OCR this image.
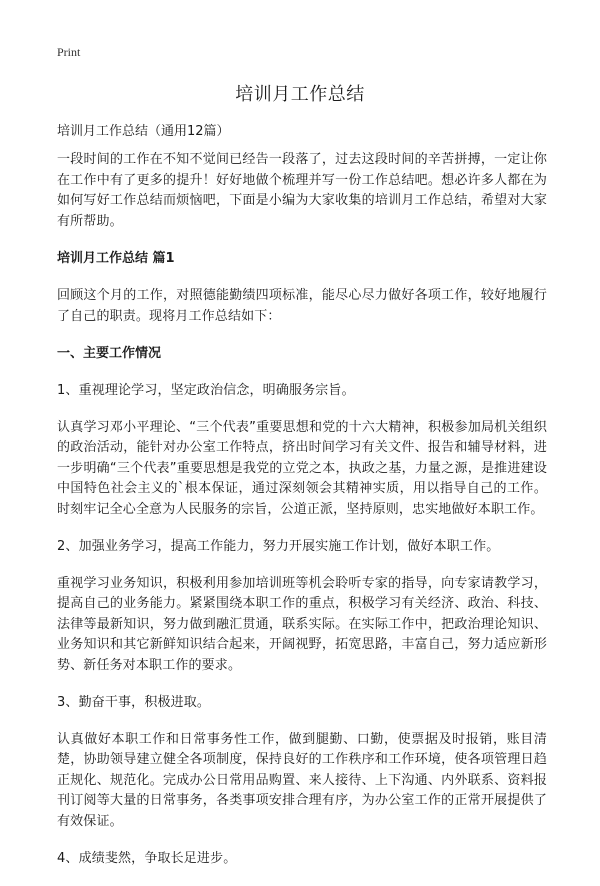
Print
培训月工作总结

培训月工作总结（通用12篇）

一段时间的工作在不知不觉间已经告一段落了，过去这段时间的辛苦拼搏，一定让你在工作中有了更多的提升！好好地做个梳理并写一份工作总结吧。想必许多人都在为如何写好工作总结而烦恼吧，下面是小编为大家收集的培训月工作总结，希望对大家有所帮助。

培训月工作总结 篇1

回顾这个月的工作，对照德能勤绩四项标准，能尽心尽力做好各项工作，较好地履行了自己的职责。现将月工作总结如下：

一、主要工作情况

1、重视理论学习，坚定政治信念，明确服务宗旨。

认真学习邓小平理论、“三个代表”重要思想和党的十六大精神，积极参加局机关组织的政治活动，能针对办公室工作特点，挤出时间学习有关文件、报告和辅导材料，进一步明确“三个代表”重要思想是我党的立党之本，执政之基，力量之源，是推进建设中国特色社会主义的`根本保证，通过深刻领会其精神实质，用以指导自己的工作。时刻牢记全心全意为人民服务的宗旨，公道正派，坚持原则，忠实地做好本职工作。

2、加强业务学习，提高工作能力，努力开展实施工作计划，做好本职工作。

重视学习业务知识，积极利用参加培训班等机会聆听专家的指导，向专家请教学习，提高自己的业务能力。紧紧围绕本职工作的重点，积极学习有关经济、政治、科技、法律等最新知识，努力做到融汇贯通，联系实际。在实际工作中，把政治理论知识、业务知识和其它新鲜知识结合起来，开阔视野，拓宽思路，丰富自己，努力适应新形势、新任务对本职工作的要求。

3、勤奋干事，积极进取。

认真做好本职工作和日常事务性工作，做到腿勤、口勤，使票据及时报销，账目清楚，协助领导建立健全各项制度，保持良好的工作秩序和工作环境，使各项管理日趋正规化、规范化。完成办公日常用品购置、来人接待、上下沟通、内外联系、资料报刊订阅等大量的日常事务，各类事项安排合理有序，为办公室工作的正常开展提供了有效保证。

4、成绩斐然，争取长足进步。
